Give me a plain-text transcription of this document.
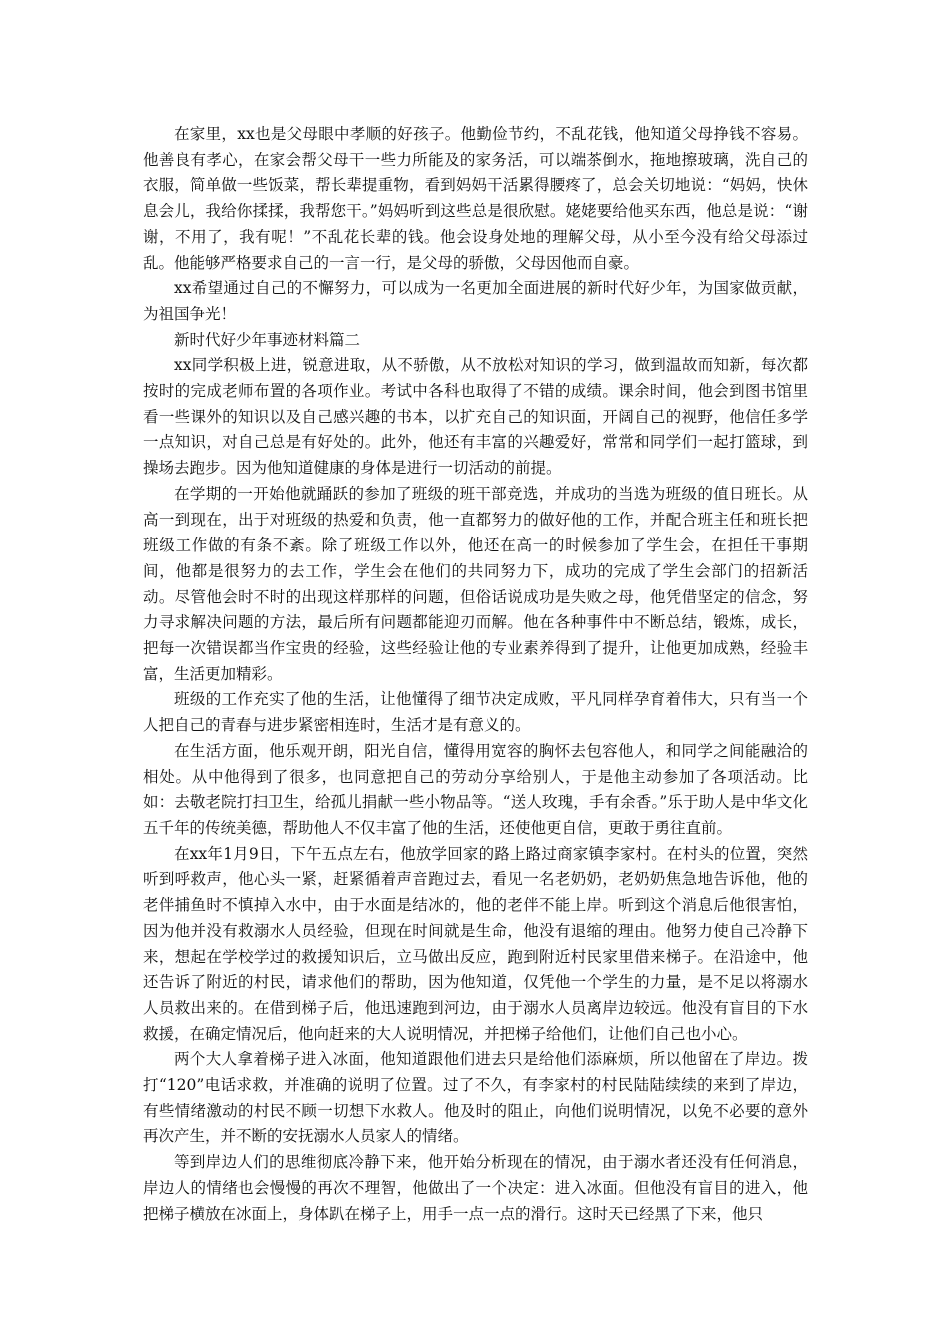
在家里，xx也是父母眼中孝顺的好孩子。他勤俭节约，不乱花钱，他知道父母挣钱不容易。他善良有孝心，在家会帮父母干一些力所能及的家务活，可以端茶倒水，拖地擦玻璃，洗自己的衣服，简单做一些饭菜，帮长辈提重物，看到妈妈干活累得腰疼了，总会关切地说：“妈妈，快休息会儿，我给你揉揉，我帮您干。”妈妈听到这些总是很欣慰。姥姥要给他买东西，他总是说：“谢谢，不用了，我有呢！”不乱花长辈的钱。他会设身处地的理解父母，从小至今没有给父母添过乱。他能够严格要求自己的一言一行，是父母的骄傲，父母因他而自豪。

xx希望通过自己的不懈努力，可以成为一名更加全面进展的新时代好少年，为国家做贡献，为祖国争光！

新时代好少年事迹材料篇二

xx同学积极上进，锐意进取，从不骄傲，从不放松对知识的学习，做到温故而知新，每次都按时的完成老师布置的各项作业。考试中各科也取得了不错的成绩。课余时间，他会到图书馆里看一些课外的知识以及自己感兴趣的书本，以扩充自己的知识面，开阔自己的视野，他信任多学一点知识，对自己总是有好处的。此外，他还有丰富的兴趣爱好，常常和同学们一起打篮球，到操场去跑步。因为他知道健康的身体是进行一切活动的前提。

在学期的一开始他就踊跃的参加了班级的班干部竞选，并成功的当选为班级的值日班长。从高一到现在，出于对班级的热爱和负责，他一直都努力的做好他的工作，并配合班主任和班长把班级工作做的有条不紊。除了班级工作以外，他还在高一的时候参加了学生会，在担任干事期间，他都是很努力的去工作，学生会在他们的共同努力下，成功的完成了学生会部门的招新活动。尽管他会时不时的出现这样那样的问题，但俗话说成功是失败之母，他凭借坚定的信念，努力寻求解决问题的方法，最后所有问题都能迎刃而解。他在各种事件中不断总结，锻炼，成长，把每一次错误都当作宝贵的经验，这些经验让他的专业素养得到了提升，让他更加成熟，经验丰富，生活更加精彩。

班级的工作充实了他的生活，让他懂得了细节决定成败，平凡同样孕育着伟大，只有当一个人把自己的青春与进步紧密相连时，生活才是有意义的。

在生活方面，他乐观开朗，阳光自信，懂得用宽容的胸怀去包容他人，和同学之间能融洽的相处。从中他得到了很多，也同意把自己的劳动分享给别人，于是他主动参加了各项活动。比如：去敬老院打扫卫生，给孤儿捐献一些小物品等。“送人玫瑰，手有余香。”乐于助人是中华文化五千年的传统美德，帮助他人不仅丰富了他的生活，还使他更自信，更敢于勇往直前。

在xx年1月9日，下午五点左右，他放学回家的路上路过商家镇李家村。在村头的位置，突然听到呼救声，他心头一紧，赶紧循着声音跑过去，看见一名老奶奶，老奶奶焦急地告诉他，他的老伴捕鱼时不慎掉入水中，由于水面是结冰的，他的老伴不能上岸。听到这个消息后他很害怕，因为他并没有救溺水人员经验，但现在时间就是生命，他没有退缩的理由。他努力使自己冷静下来，想起在学校学过的救援知识后，立马做出反应，跑到附近村民家里借来梯子。在沿途中，他还告诉了附近的村民，请求他们的帮助，因为他知道，仅凭他一个学生的力量，是不足以将溺水人员救出来的。在借到梯子后，他迅速跑到河边，由于溺水人员离岸边较远。他没有盲目的下水救援，在确定情况后，他向赶来的大人说明情况，并把梯子给他们，让他们自己也小心。

两个大人拿着梯子进入冰面，他知道跟他们进去只是给他们添麻烦，所以他留在了岸边。拨打“120”电话求救，并准确的说明了位置。过了不久，有李家村的村民陆陆续续的来到了岸边，有些情绪激动的村民不顾一切想下水救人。他及时的阻止，向他们说明情况，以免不必要的意外再次产生，并不断的安抚溺水人员家人的情绪。

等到岸边人们的思维彻底冷静下来，他开始分析现在的情况，由于溺水者还没有任何消息，岸边人的情绪也会慢慢的再次不理智，他做出了一个决定：进入冰面。但他没有盲目的进入，他把梯子横放在冰面上，身体趴在梯子上，用手一点一点的滑行。这时天已经黑了下来，他只
